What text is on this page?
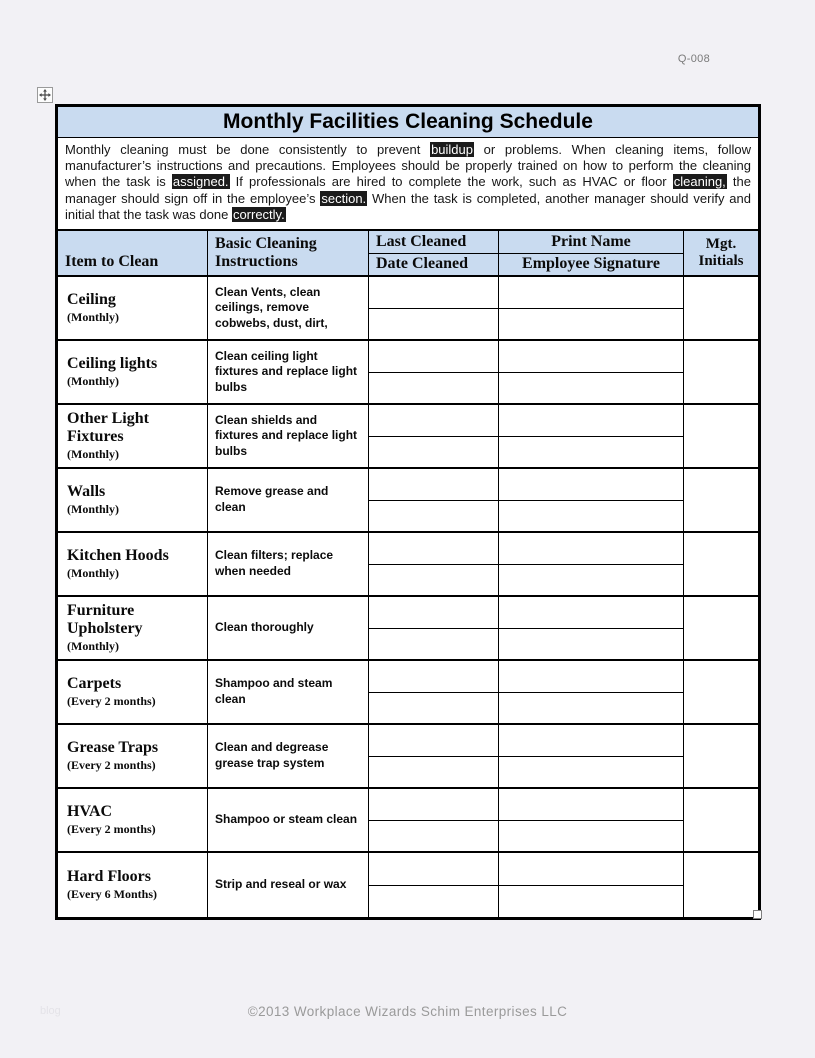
Q-008
Monthly Facilities Cleaning Schedule
Monthly cleaning must be done consistently to prevent buildup or problems. When cleaning items, follow manufacturer’s instructions and precautions. Employees should be properly trained on how to perform the cleaning when the task is assigned. If professionals are hired to complete the work, such as HVAC or floor cleaning, the manager should sign off in the employee’s section. When the task is completed, another manager should verify and initial that the task was done correctly.
Item to Clean
Basic Cleaning Instructions
Last Cleaned
Date Cleaned
Print Name
Employee Signature
Mgt. Initials
Ceiling
(Monthly)
Clean Vents, clean ceilings, remove cobwebs, dust, dirt,
Ceiling lights
(Monthly)
Clean ceiling light fixtures and replace light bulbs
Other Light Fixtures
(Monthly)
Clean shields and fixtures and replace light bulbs
Walls
(Monthly)
Remove grease and clean
Kitchen Hoods
(Monthly)
Clean filters; replace when needed
Furniture Upholstery
(Monthly)
Clean thoroughly
Carpets
(Every 2 months)
Shampoo and steam clean
Grease Traps
(Every 2 months)
Clean and degrease grease trap system
HVAC
(Every 2 months)
Shampoo or steam clean
Hard Floors
(Every 6 Months)
Strip and reseal or wax
blog	©2013 Workplace Wizards Schim Enterprises LLC
